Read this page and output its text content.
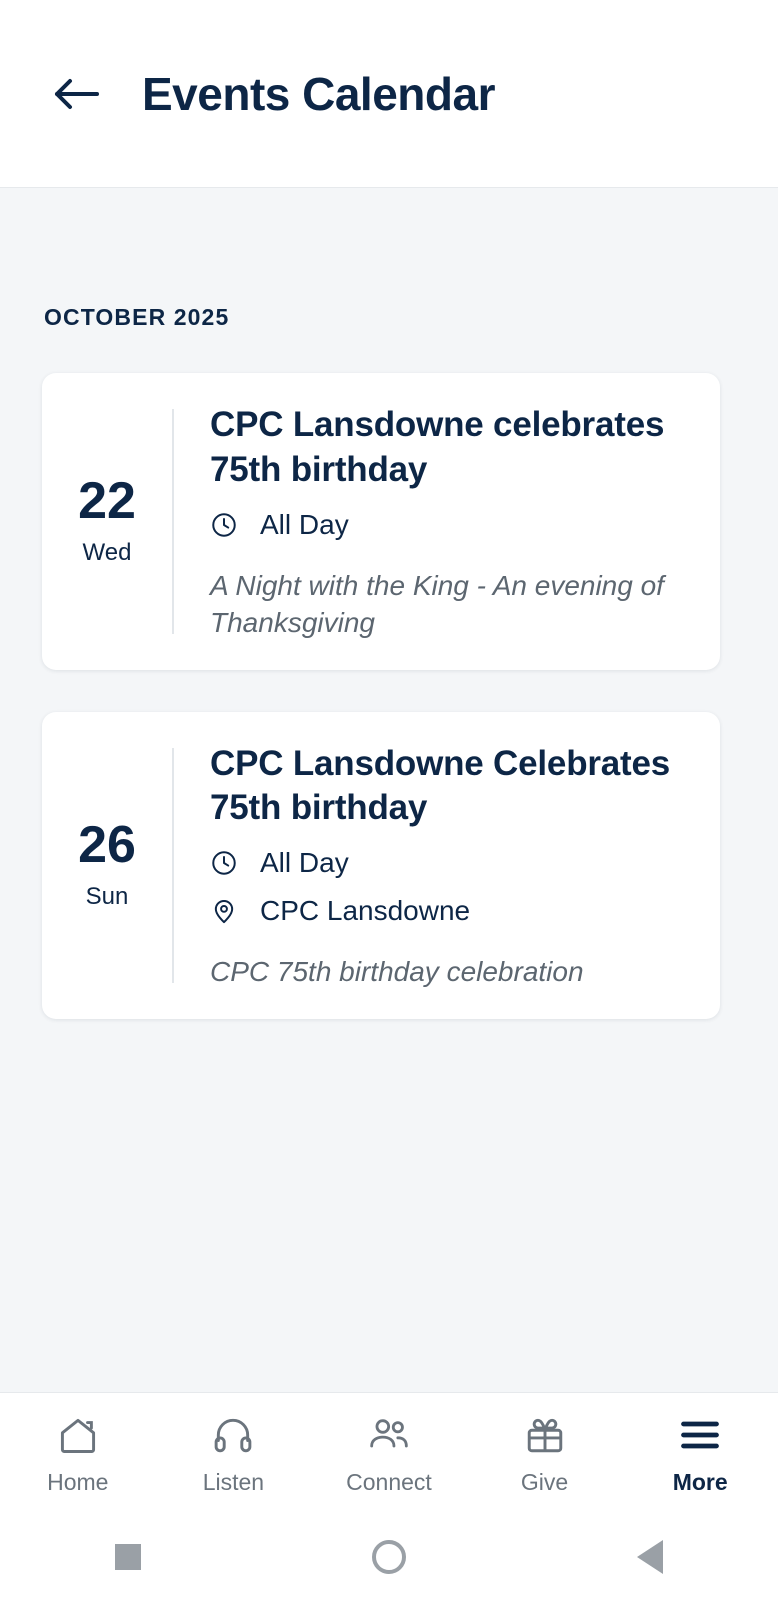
Events Calendar
OCTOBER 2025
22
Wed
CPC Lansdowne celebrates 75th birthday
All Day
A Night with the King - An evening of Thanksgiving
26
Sun
CPC Lansdowne Celebrates 75th birthday
All Day
CPC Lansdowne
CPC 75th birthday celebration
Home	Listen	Connect	Give	More
